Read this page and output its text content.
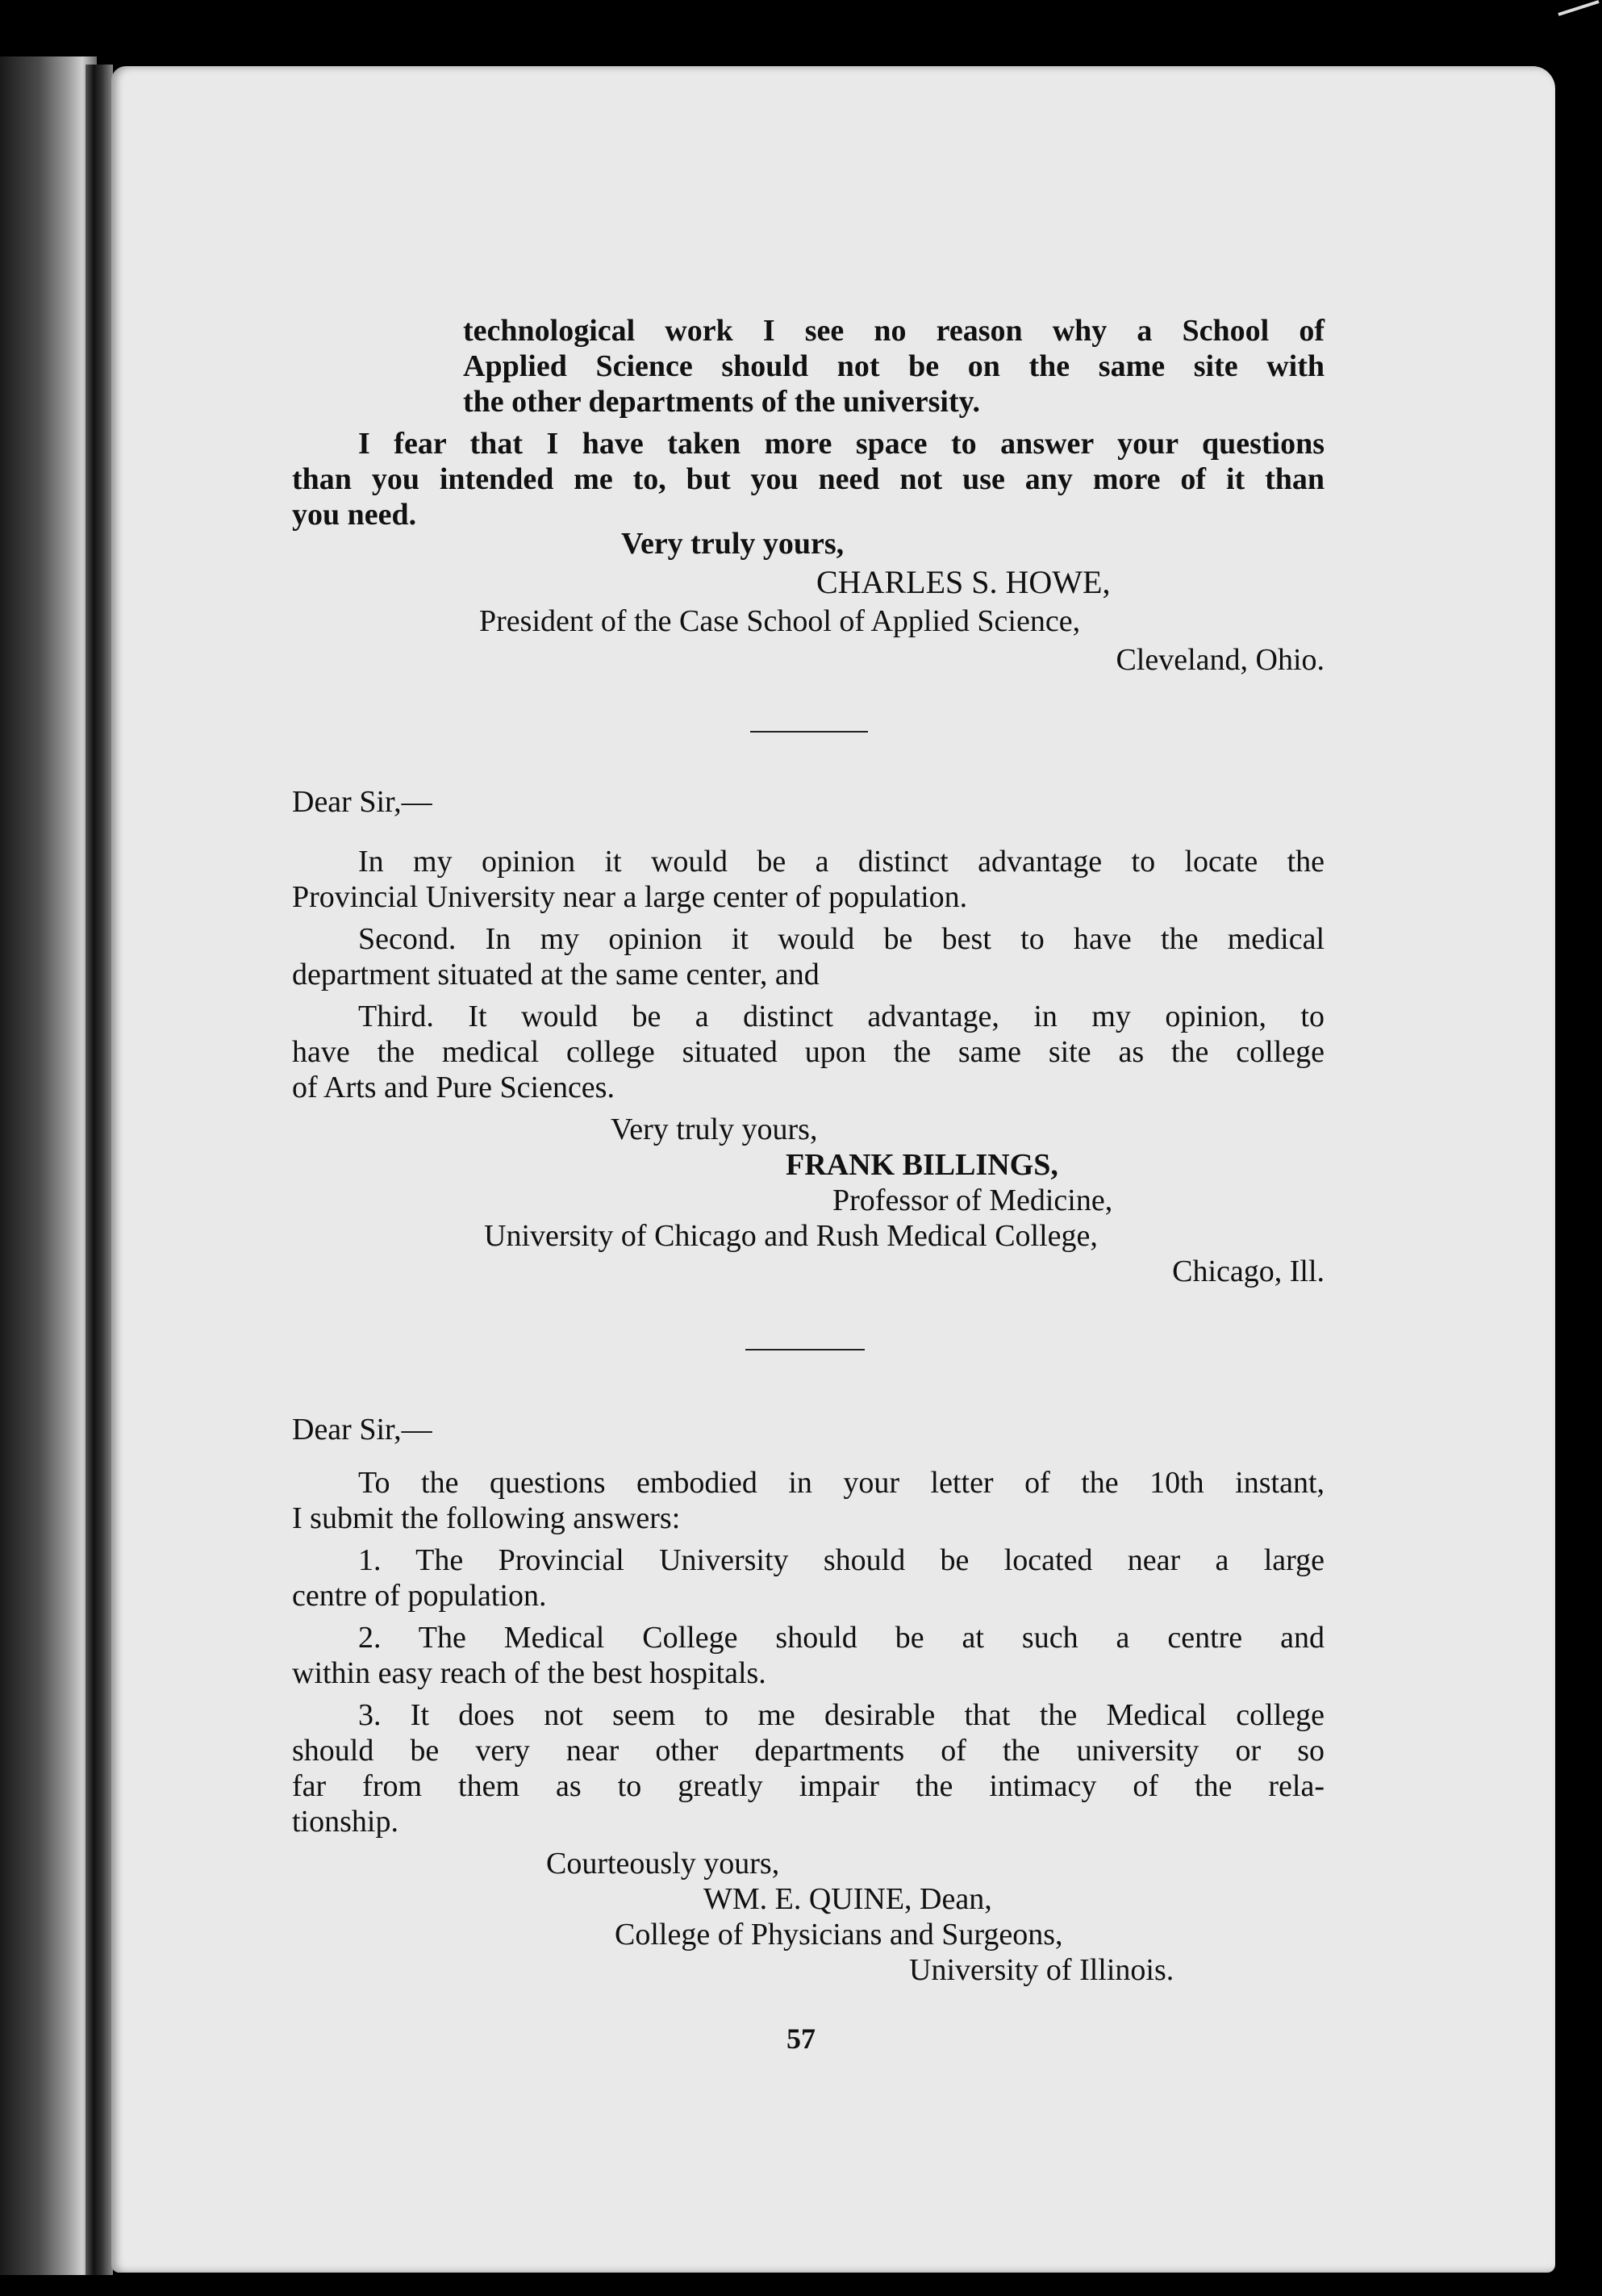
technological work I see no reason why a School of
Applied Science should not be on the same site with
the other departments of the university.
I fear that I have taken more space to answer your questions
than you intended me to, but you need not use any more of it than
you need.
Very truly yours,
CHARLES S. HOWE,
President of the Case School of Applied Science,
Cleveland, Ohio.
Dear Sir,—
In my opinion it would be a distinct advantage to locate the
Provincial University near a large center of population.
Second. In my opinion it would be best to have the medical
department situated at the same center, and
Third. It would be a distinct advantage, in my opinion, to
have the medical college situated upon the same site as the college
of Arts and Pure Sciences.
Very truly yours,
FRANK BILLINGS,
Professor of Medicine,
University of Chicago and Rush Medical College,
Chicago, Ill.
Dear Sir,—
To the questions embodied in your letter of the 10th instant,
I submit the following answers:
1. The Provincial University should be located near a large
centre of population.
2. The Medical College should be at such a centre and
within easy reach of the best hospitals.
3. It does not seem to me desirable that the Medical college
should be very near other departments of the university or so
far from them as to greatly impair the intimacy of the rela-
tionship.
Courteously yours,
WM. E. QUINE, Dean,
College of Physicians and Surgeons,
University of Illinois.
57
